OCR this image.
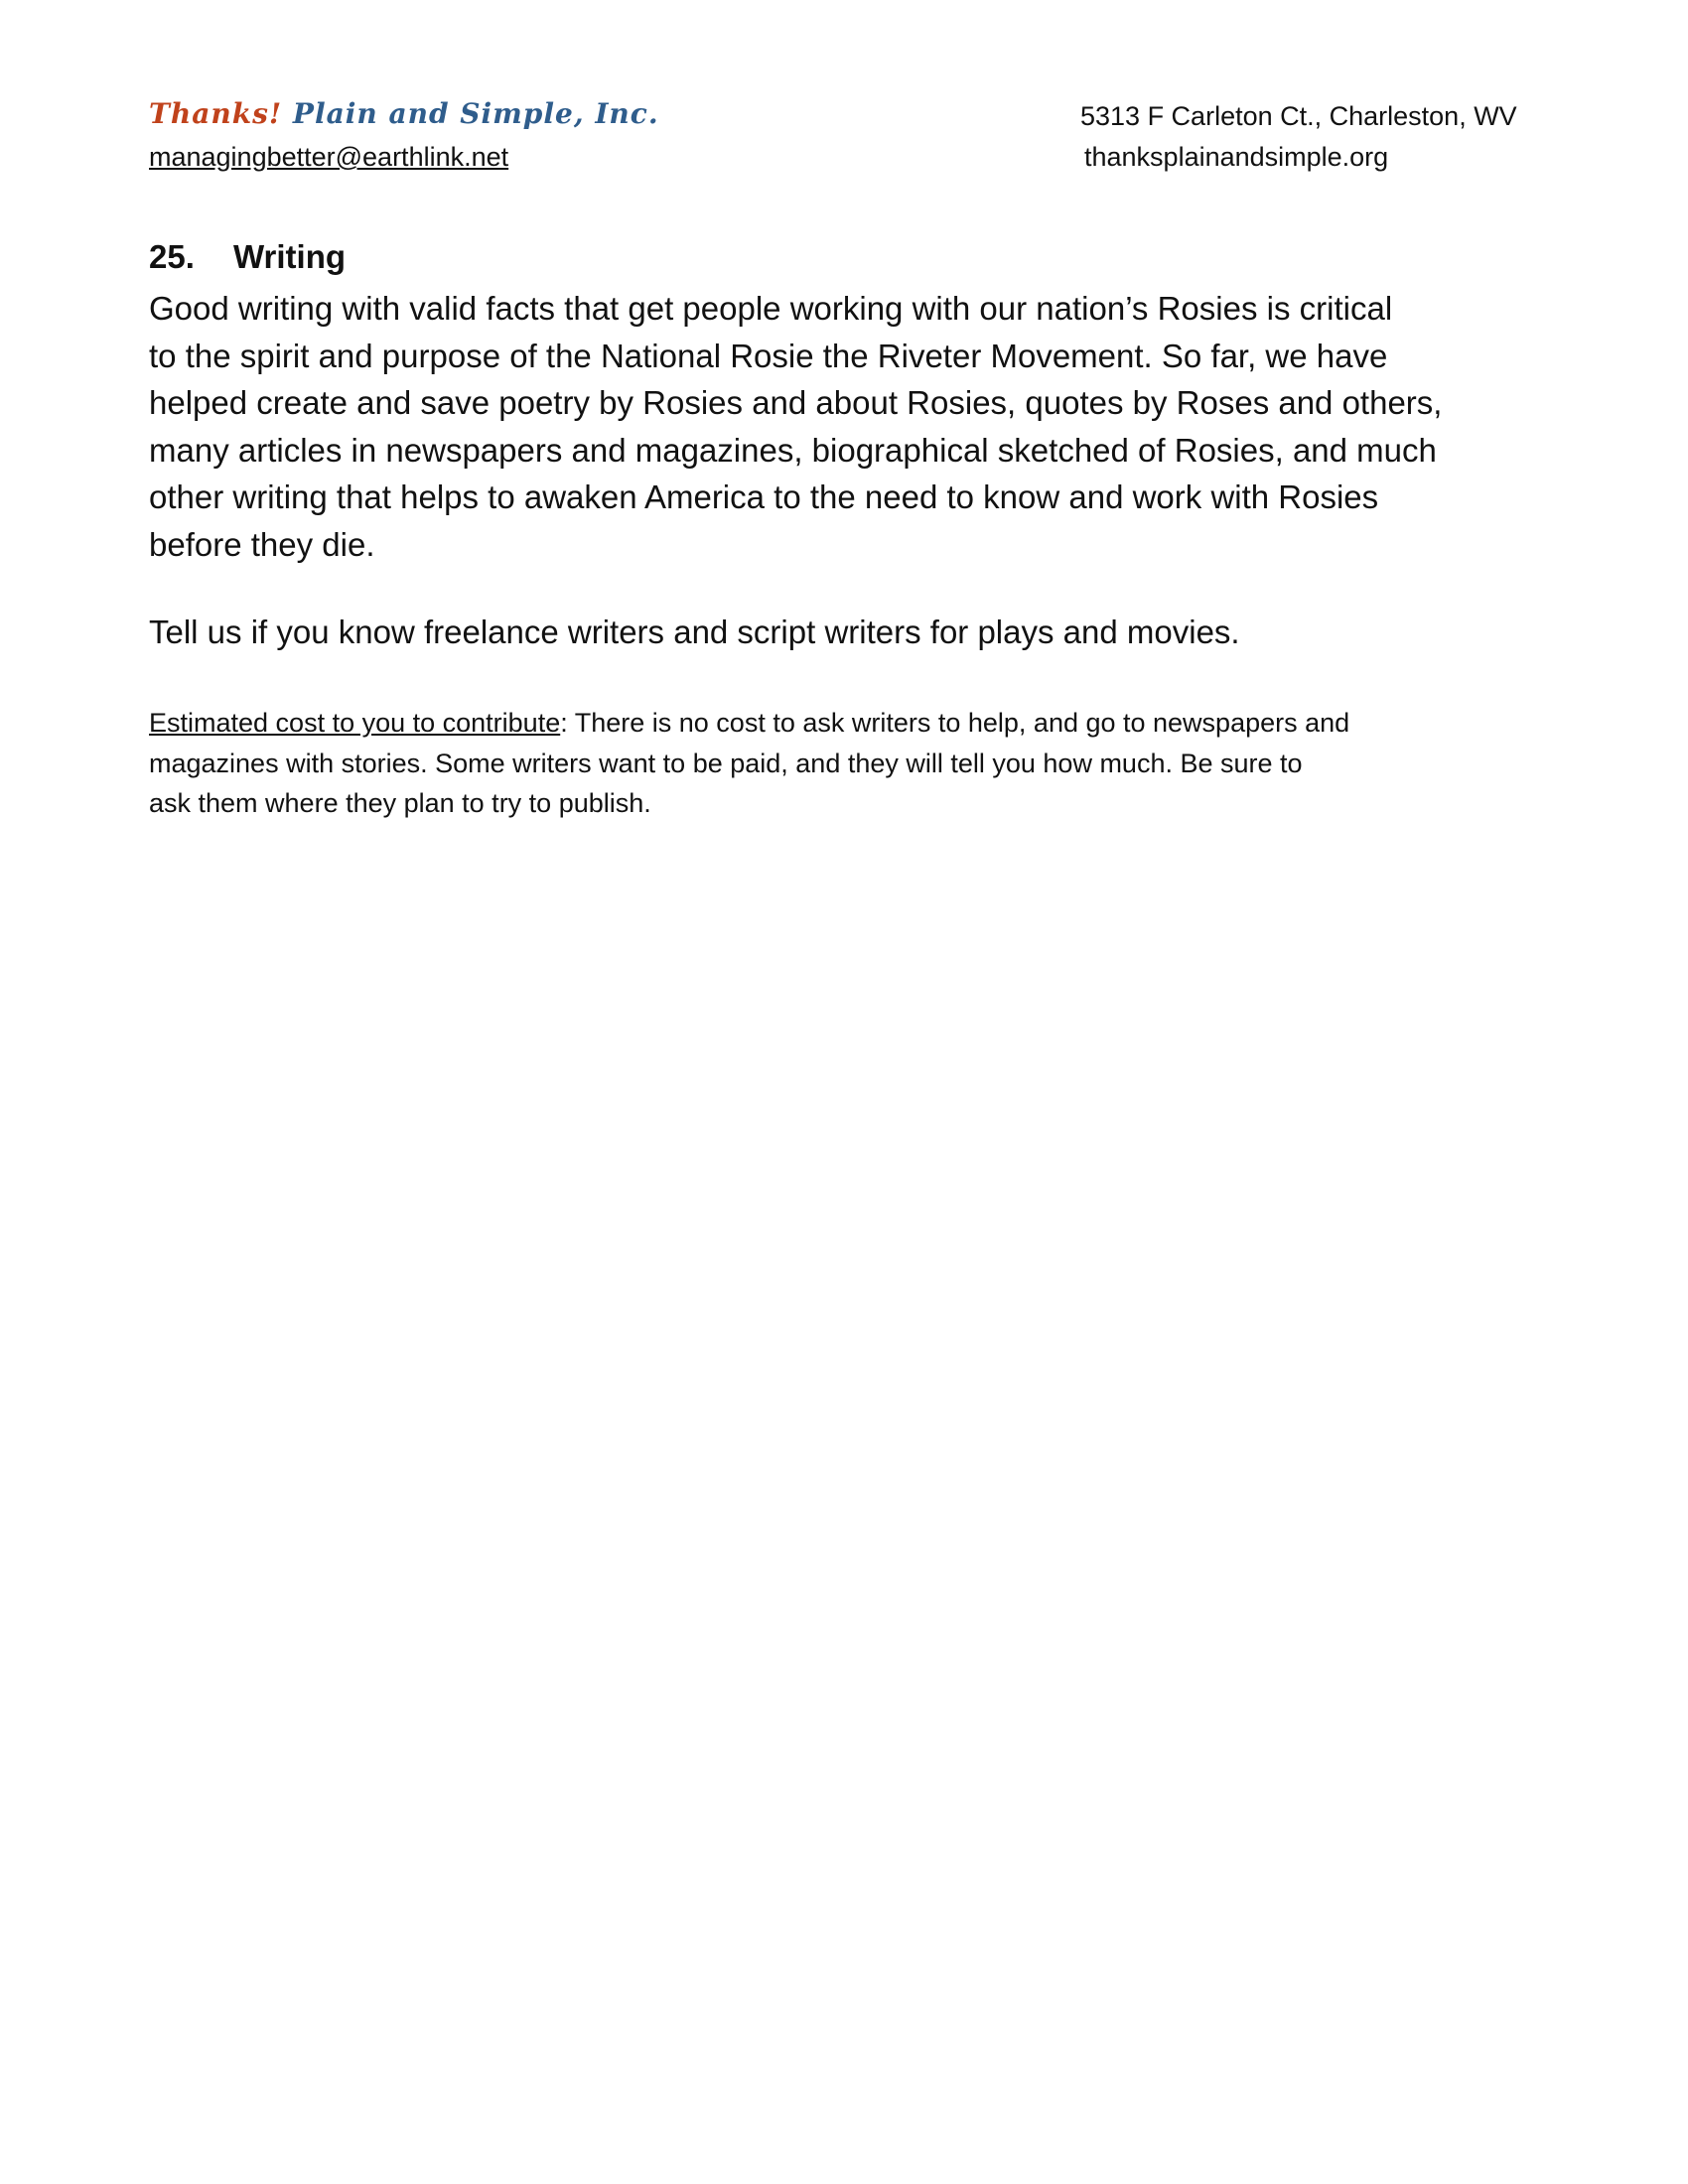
Thanks! Plain and Simple, Inc.
managingbetter@earthlink.net
5313 F Carleton Ct., Charleston, WV
thanksplainandsimple.org
25. Writing
Good writing with valid facts that get people working with our nation’s Rosies is critical
to the spirit and purpose of the National Rosie the Riveter Movement. So far, we have
helped create and save poetry by Rosies and about Rosies, quotes by Roses and others,
many articles in newspapers and magazines, biographical sketched of Rosies, and much
other writing that helps to awaken America to the need to know and work with Rosies
before they die.
Tell us if you know freelance writers and script writers for plays and movies.
Estimated cost to you to contribute: There is no cost to ask writers to help, and go to newspapers and
magazines with stories. Some writers want to be paid, and they will tell you how much. Be sure to
ask them where they plan to try to publish.
